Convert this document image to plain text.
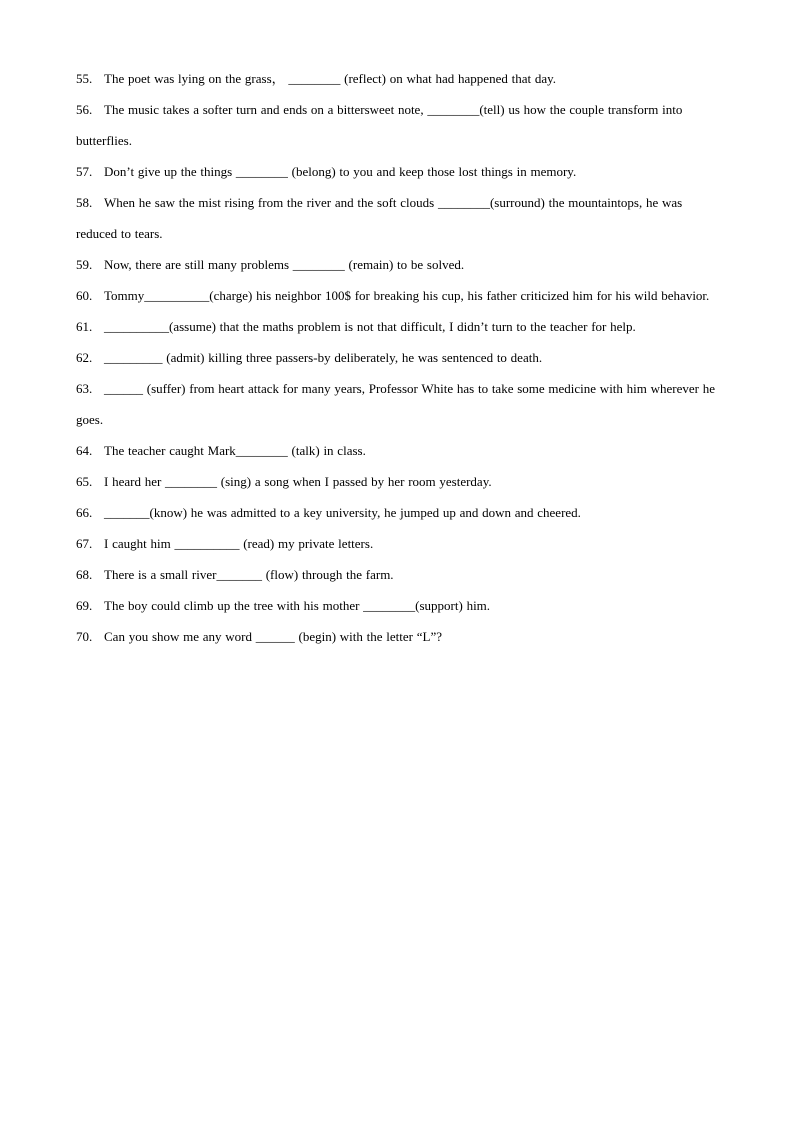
55. The poet was lying on the grass， ________ (reflect) on what had happened that day.

56. The music takes a softer turn and ends on a bittersweet note, ________(tell) us how the couple transform into butterflies.

57. Don’t give up the things ________ (belong) to you and keep those lost things in memory.

58. When he saw the mist rising from the river and the soft clouds ________(surround) the mountaintops, he was reduced to tears.

59. Now, there are still many problems ________ (remain) to be solved.

60. Tommy__________(charge) his neighbor 100$ for breaking his cup, his father criticized him for his wild behavior.

61. __________(assume) that the maths problem is not that difficult, I didn’t turn to the teacher for help.

62. _________ (admit) killing three passers-by deliberately, he was sentenced to death.

63. ______ (suffer) from heart attack for many years, Professor White has to take some medicine with him wherever he goes.

64. The teacher caught Mark________ (talk) in class.

65. I heard her ________ (sing) a song when I passed by her room yesterday.

66. _______(know) he was admitted to a key university, he jumped up and down and cheered.

67. I caught him __________ (read) my private letters.

68. There is a small river_______ (flow) through the farm.

69. The boy could climb up the tree with his mother ________(support) him.

70. Can you show me any word ______ (begin) with the letter “L”?
